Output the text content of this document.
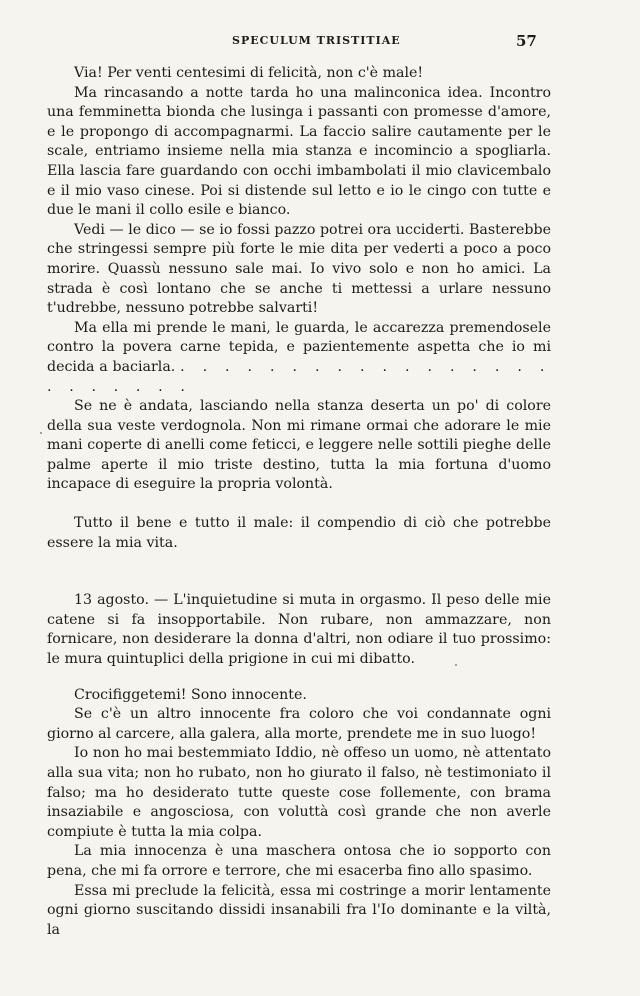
SPECULUM TRISTITIAE	57

Via! Per venti centesimi di felicità, non c'è male!

Ma rincasando a notte tarda ho una malinconica idea. Incontro una femminetta bionda che lusinga i passanti con promesse d'amore, e le propongo di accompagnarmi. La faccio salire cautamente per le scale, entriamo insieme nella mia stanza e incomincio a spogliarla. Ella lascia fare guardando con occhi imbambolati il mio clavicembalo e il mio vaso cinese. Poi si distende sul letto e io le cingo con tutte e due le mani il collo esile e bianco.

Vedi — le dico — se io fossi pazzo potrei ora ucciderti. Basterebbe che stringessi sempre più forte le mie dita per vederti a poco a poco morire. Quassù nessuno sale mai. Io vivo solo e non ho amici. La strada è così lontano che se anche ti mettessi a urlare nessuno t'udrebbe, nessuno potrebbe salvarti!

Ma ella mi prende le mani, le guarda, le accarezza premendosele contro la povera carne tepida, e pazientemente aspetta che io mi decida a baciarla. . . . . . . . . . . . . . . . . . . . . . . . .

Se ne è andata, lasciando nella stanza deserta un po' di colore della sua veste verdognola. Non mi rimane ormai che adorare le mie mani coperte di anelli come feticci, e leggere nelle sottili pieghe delle palme aperte il mio triste destino, tutta la mia fortuna d'uomo incapace di eseguire la propria volontà.

Tutto il bene e tutto il male: il compendio di ciò che potrebbe essere la mia vita.

13 agosto. — L'inquietudine si muta in orgasmo. Il peso delle mie catene si fa insopportabile. Non rubare, non ammazzare, non fornicare, non desiderare la donna d'altri, non odiare il tuo prossimo: le mura quintuplici della prigione in cui mi dibatto.

Crocifiggetemi! Sono innocente.

Se c'è un altro innocente fra coloro che voi condannate ogni giorno al carcere, alla galera, alla morte, prendete me in suo luogo!

Io non ho mai bestemmiato Iddio, nè offeso un uomo, nè attentato alla sua vita; non ho rubato, non ho giurato il falso, nè testimoniato il falso; ma ho desiderato tutte queste cose follemente, con brama insaziabile e angosciosa, con voluttà così grande che non averle compiute è tutta la mia colpa.

La mia innocenza è una maschera ontosa che io sopporto con pena, che mi fa orrore e terrore, che mi esacerba fino allo spasimo.

Essa mi preclude la felicità, essa mi costringe a morir lentamente ogni giorno suscitando dissidi insanabili fra l'Io dominante e la viltà, la
